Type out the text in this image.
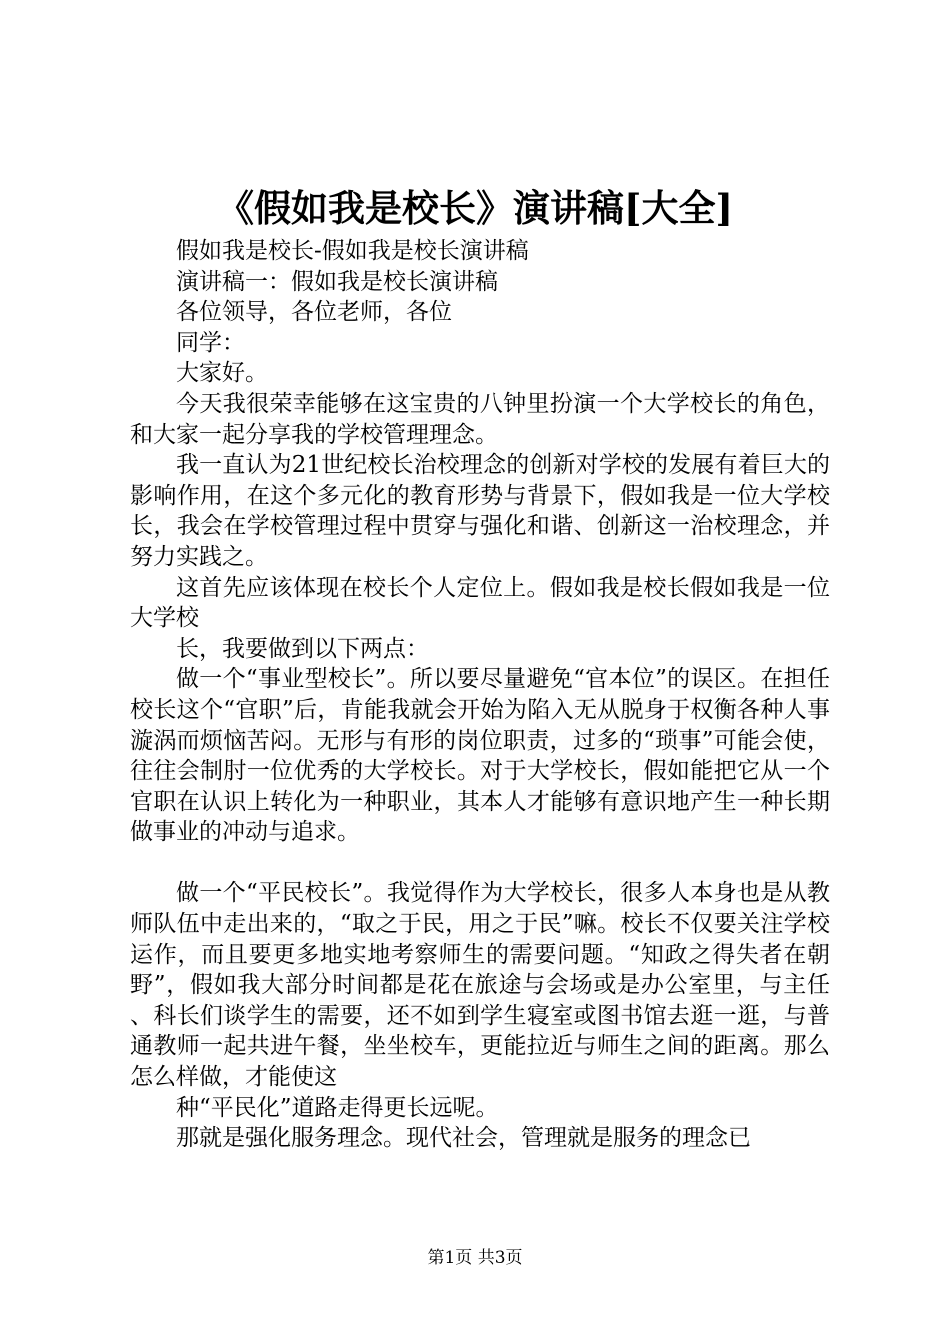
《假如我是校长》演讲稿[大全]

假如我是校长-假如我是校长演讲稿

演讲稿一：假如我是校长演讲稿

各位领导，各位老师，各位

同学：

大家好。

今天我很荣幸能够在这宝贵的八钟里扮演一个大学校长的角色，和大家一起分享我的学校管理理念。

我一直认为21世纪校长治校理念的创新对学校的发展有着巨大的影响作用，在这个多元化的教育形势与背景下，假如我是一位大学校长，我会在学校管理过程中贯穿与强化和谐、创新这一治校理念，并努力实践之。

这首先应该体现在校长个人定位上。假如我是校长假如我是一位大学校

长，我要做到以下两点：

做一个“事业型校长”。所以要尽量避免“官本位”的误区。在担任校长这个“官职”后，肯能我就会开始为陷入无从脱身于权衡各种人事漩涡而烦恼苦闷。无形与有形的岗位职责，过多的“琐事”可能会使，往往会制肘一位优秀的大学校长。对于大学校长，假如能把它从一个官职在认识上转化为一种职业，其本人才能够有意识地产生一种长期做事业的冲动与追求。

做一个“平民校长”。我觉得作为大学校长，很多人本身也是从教师队伍中走出来的，“取之于民，用之于民”嘛。校长不仅要关注学校运作，而且要更多地实地考察师生的需要问题。“知政之得失者在朝野”，假如我大部分时间都是花在旅途与会场或是办公室里，与主任、科长们谈学生的需要，还不如到学生寝室或图书馆去逛一逛，与普通教师一起共进午餐，坐坐校车，更能拉近与师生之间的距离。那么怎么样做，才能使这

种“平民化”道路走得更长远呢。

那就是强化服务理念。现代社会，管理就是服务的理念已

第1页 共3页
